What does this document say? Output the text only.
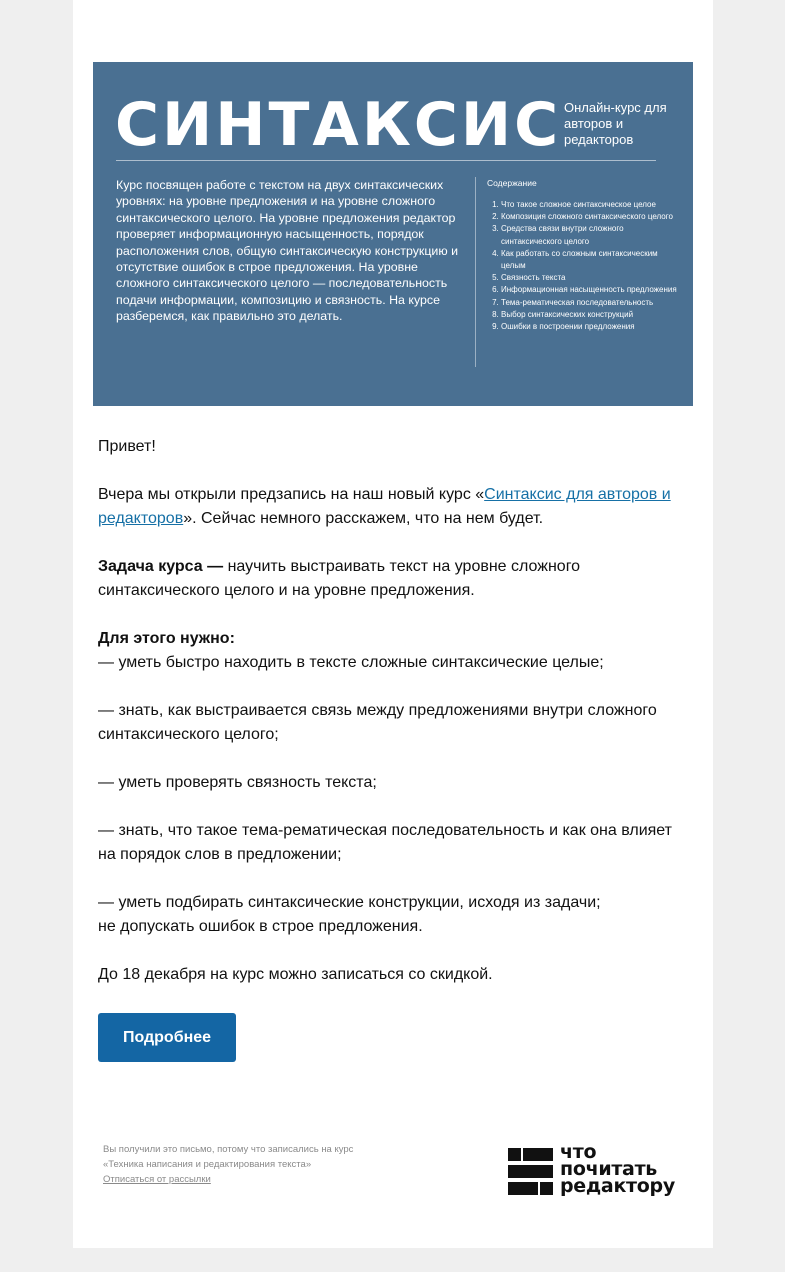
СИНТАКСИС Онлайн-курс для авторов и редакторов
Курс посвящен работе с текстом на двух синтаксических уровнях: на уровне предложения и на уровне сложного синтаксического целого. На уровне предложения редактор проверяет информационную насыщенность, порядок расположения слов, общую синтаксическую конструкцию и отсутствие ошибок в строе предложения. На уровне сложного синтаксического целого — последовательность подачи информации, композицию и связность. На курсе разберемся, как правильно это делать.
Содержание
1. Что такое сложное синтаксическое целое
2. Композиция сложного синтаксического целого
3. Средства связи внутри сложного синтаксического целого
4. Как работать со сложным синтаксическим целым
5. Связность текста
6. Информационная насыщенность предложения
7. Тема-рематическая последовательность
8. Выбор синтаксических конструкций
9. Ошибки в построении предложения

Привет!

Вчера мы открыли предзапись на наш новый курс «Синтаксис для авторов и редакторов». Сейчас немного расскажем, что на нем будет.

Задача курса — научить выстраивать текст на уровне сложного синтаксического целого и на уровне предложения.

Для этого нужно:
— уметь быстро находить в тексте сложные синтаксические целые;

— знать, как выстраивается связь между предложениями внутри сложного синтаксического целого;

— уметь проверять связность текста;

— знать, что такое тема-рематическая последовательность и как она влияет на порядок слов в предложении;

— уметь подбирать синтаксические конструкции, исходя из задачи;
не допускать ошибок в строе предложения.

До 18 декабря на курс можно записаться со скидкой.

Подробнее
Вы получили это письмо, потому что записались на курс
«Техника написания и редактирования текста»
Отписаться от рассылки
что
почитать
редактору
